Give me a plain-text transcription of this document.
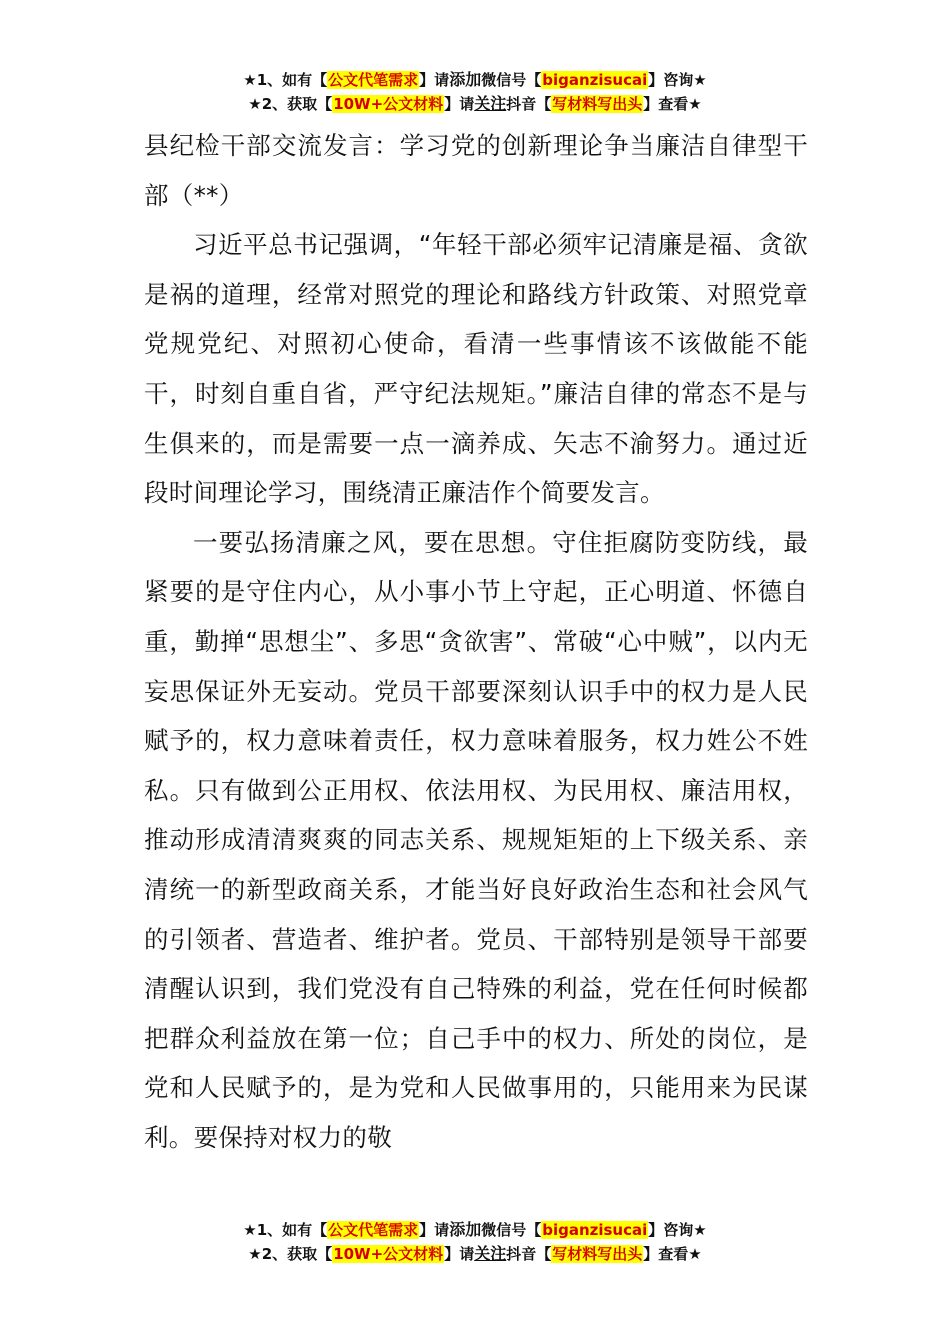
★1、如有【公文代笔需求】请添加微信号【biganzisucai】咨询★
★2、获取【10W+公文材料】请关注抖音【写材料写出头】查看★

县纪检干部交流发言：学习党的创新理论争当廉洁自律型干部（**）

习近平总书记强调，“年轻干部必须牢记清廉是福、贪欲是祸的道理，经常对照党的理论和路线方针政策、对照党章党规党纪、对照初心使命，看清一些事情该不该做能不能干，时刻自重自省，严守纪法规矩。”廉洁自律的常态不是与生俱来的，而是需要一点一滴养成、矢志不渝努力。通过近段时间理论学习，围绕清正廉洁作个简要发言。

一要弘扬清廉之风，要在思想。守住拒腐防变防线，最紧要的是守住内心，从小事小节上守起，正心明道、怀德自重，勤掸“思想尘”、多思“贪欲害”、常破“心中贼”，以内无妄思保证外无妄动。党员干部要深刻认识手中的权力是人民赋予的，权力意味着责任，权力意味着服务，权力姓公不姓私。只有做到公正用权、依法用权、为民用权、廉洁用权，推动形成清清爽爽的同志关系、规规矩矩的上下级关系、亲清统一的新型政商关系，才能当好良好政治生态和社会风气的引领者、营造者、维护者。党员、干部特别是领导干部要清醒认识到，我们党没有自己特殊的利益，党在任何时候都把群众利益放在第一位；自己手中的权力、所处的岗位，是党和人民赋予的，是为党和人民做事用的，只能用来为民谋利。要保持对权力的敬

★1、如有【公文代笔需求】请添加微信号【biganzisucai】咨询★
★2、获取【10W+公文材料】请关注抖音【写材料写出头】查看★
